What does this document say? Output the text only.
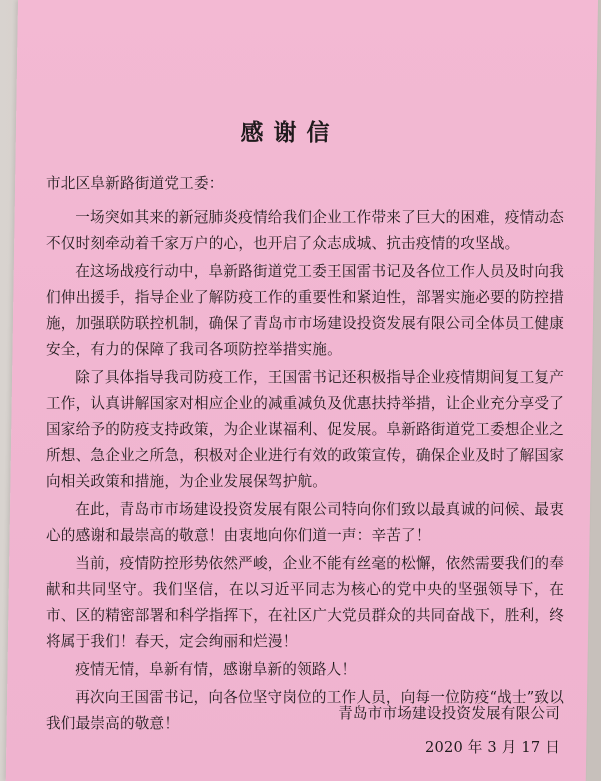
感谢信
市北区阜新路街道党工委：

一场突如其来的新冠肺炎疫情给我们企业工作带来了巨大的困难，疫情动态不仅时刻牵动着千家万户的心，也开启了众志成城、抗击疫情的攻坚战。

在这场战疫行动中，阜新路街道党工委王国雷书记及各位工作人员及时向我们伸出援手，指导企业了解防疫工作的重要性和紧迫性，部署实施必要的防控措施，加强联防联控机制，确保了青岛市市场建设投资发展有限公司全体员工健康安全，有力的保障了我司各项防控举措实施。

除了具体指导我司防疫工作，王国雷书记还积极指导企业疫情期间复工复产工作，认真讲解国家对相应企业的减重减负及优惠扶持举措，让企业充分享受了国家给予的防疫支持政策，为企业谋福利、促发展。阜新路街道党工委想企业之所想、急企业之所急，积极对企业进行有效的政策宣传，确保企业及时了解国家向相关政策和措施，为企业发展保驾护航。

在此，青岛市市场建设投资发展有限公司特向你们致以最真诚的问候、最衷心的感谢和最崇高的敬意！由衷地向你们道一声：辛苦了！

当前，疫情防控形势依然严峻，企业不能有丝毫的松懈，依然需要我们的奉献和共同坚守。我们坚信，在以习近平同志为核心的党中央的坚强领导下，在市、区的精密部署和科学指挥下，在社区广大党员群众的共同奋战下，胜利，终将属于我们！春天，定会绚丽和烂漫！

疫情无情，阜新有情，感谢阜新的领路人！

再次向王国雷书记，向各位坚守岗位的工作人员，向每一位防疫“战士”致以我们最崇高的敬意！

青岛市市场建设投资发展有限公司
2020 年 3 月 17 日
